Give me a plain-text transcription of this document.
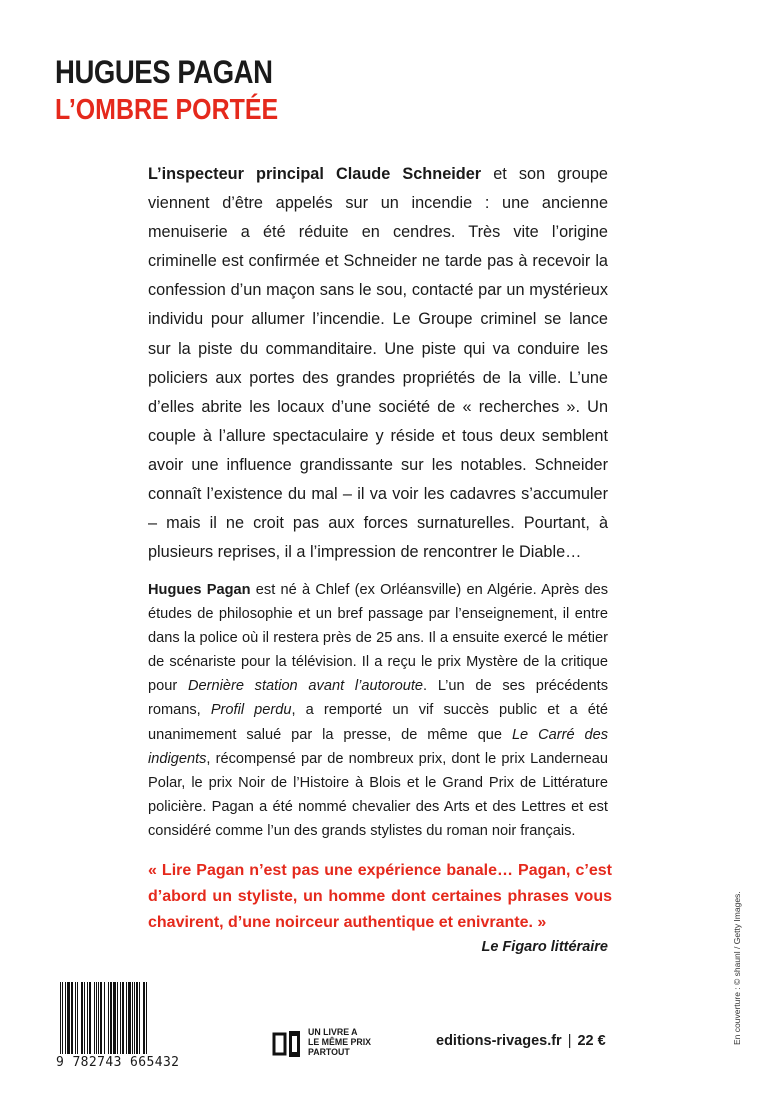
HUGUES PAGAN
L’OMBRE PORTÉE

L’inspecteur principal Claude Schneider et son groupe viennent d’être appelés sur un incendie : une ancienne menuiserie a été réduite en cendres. Très vite l’origine criminelle est confirmée et Schneider ne tarde pas à recevoir la confession d’un maçon sans le sou, contacté par un mystérieux individu pour allumer l’incendie. Le Groupe criminel se lance sur la piste du commanditaire. Une piste qui va conduire les policiers aux portes des grandes propriétés de la ville. L’une d’elles abrite les locaux d’une société de « recherches ». Un couple à l’allure spectaculaire y réside et tous deux semblent avoir une influence grandissante sur les notables. Schneider connaît l’existence du mal – il va voir les cadavres s’accumuler – mais il ne croit pas aux forces surnaturelles. Pourtant, à plusieurs reprises, il a l’impression de rencontrer le Diable…

Hugues Pagan est né à Chlef (ex Orléansville) en Algérie. Après des études de philosophie et un bref passage par l’enseignement, il entre dans la police où il restera près de 25 ans. Il a ensuite exercé le métier de scénariste pour la télévision. Il a reçu le prix Mystère de la critique pour Dernière station avant l’autoroute. L’un de ses précédents romans, Profil perdu, a remporté un vif succès public et a été unanimement salué par la presse, de même que Le Carré des indigents, récompensé par de nombreux prix, dont le prix Landerneau Polar, le prix Noir de l’Histoire à Blois et le Grand Prix de Littérature policière. Pagan a été nommé chevalier des Arts et des Lettres et est considéré comme l’un des grands stylistes du roman noir français.

« Lire Pagan n’est pas une expérience banale… Pagan, c’est d’abord un styliste, un homme dont certaines phrases vous chavirent, d’une noirceur authentique et enivrante. »

Le Figaro littéraire	En couverture : © shaunl / Getty Images.
9 782743 665432
UN LIVRE A
LE MÊME PRIX
PARTOUT
editions-rivages.fr | 22 €
